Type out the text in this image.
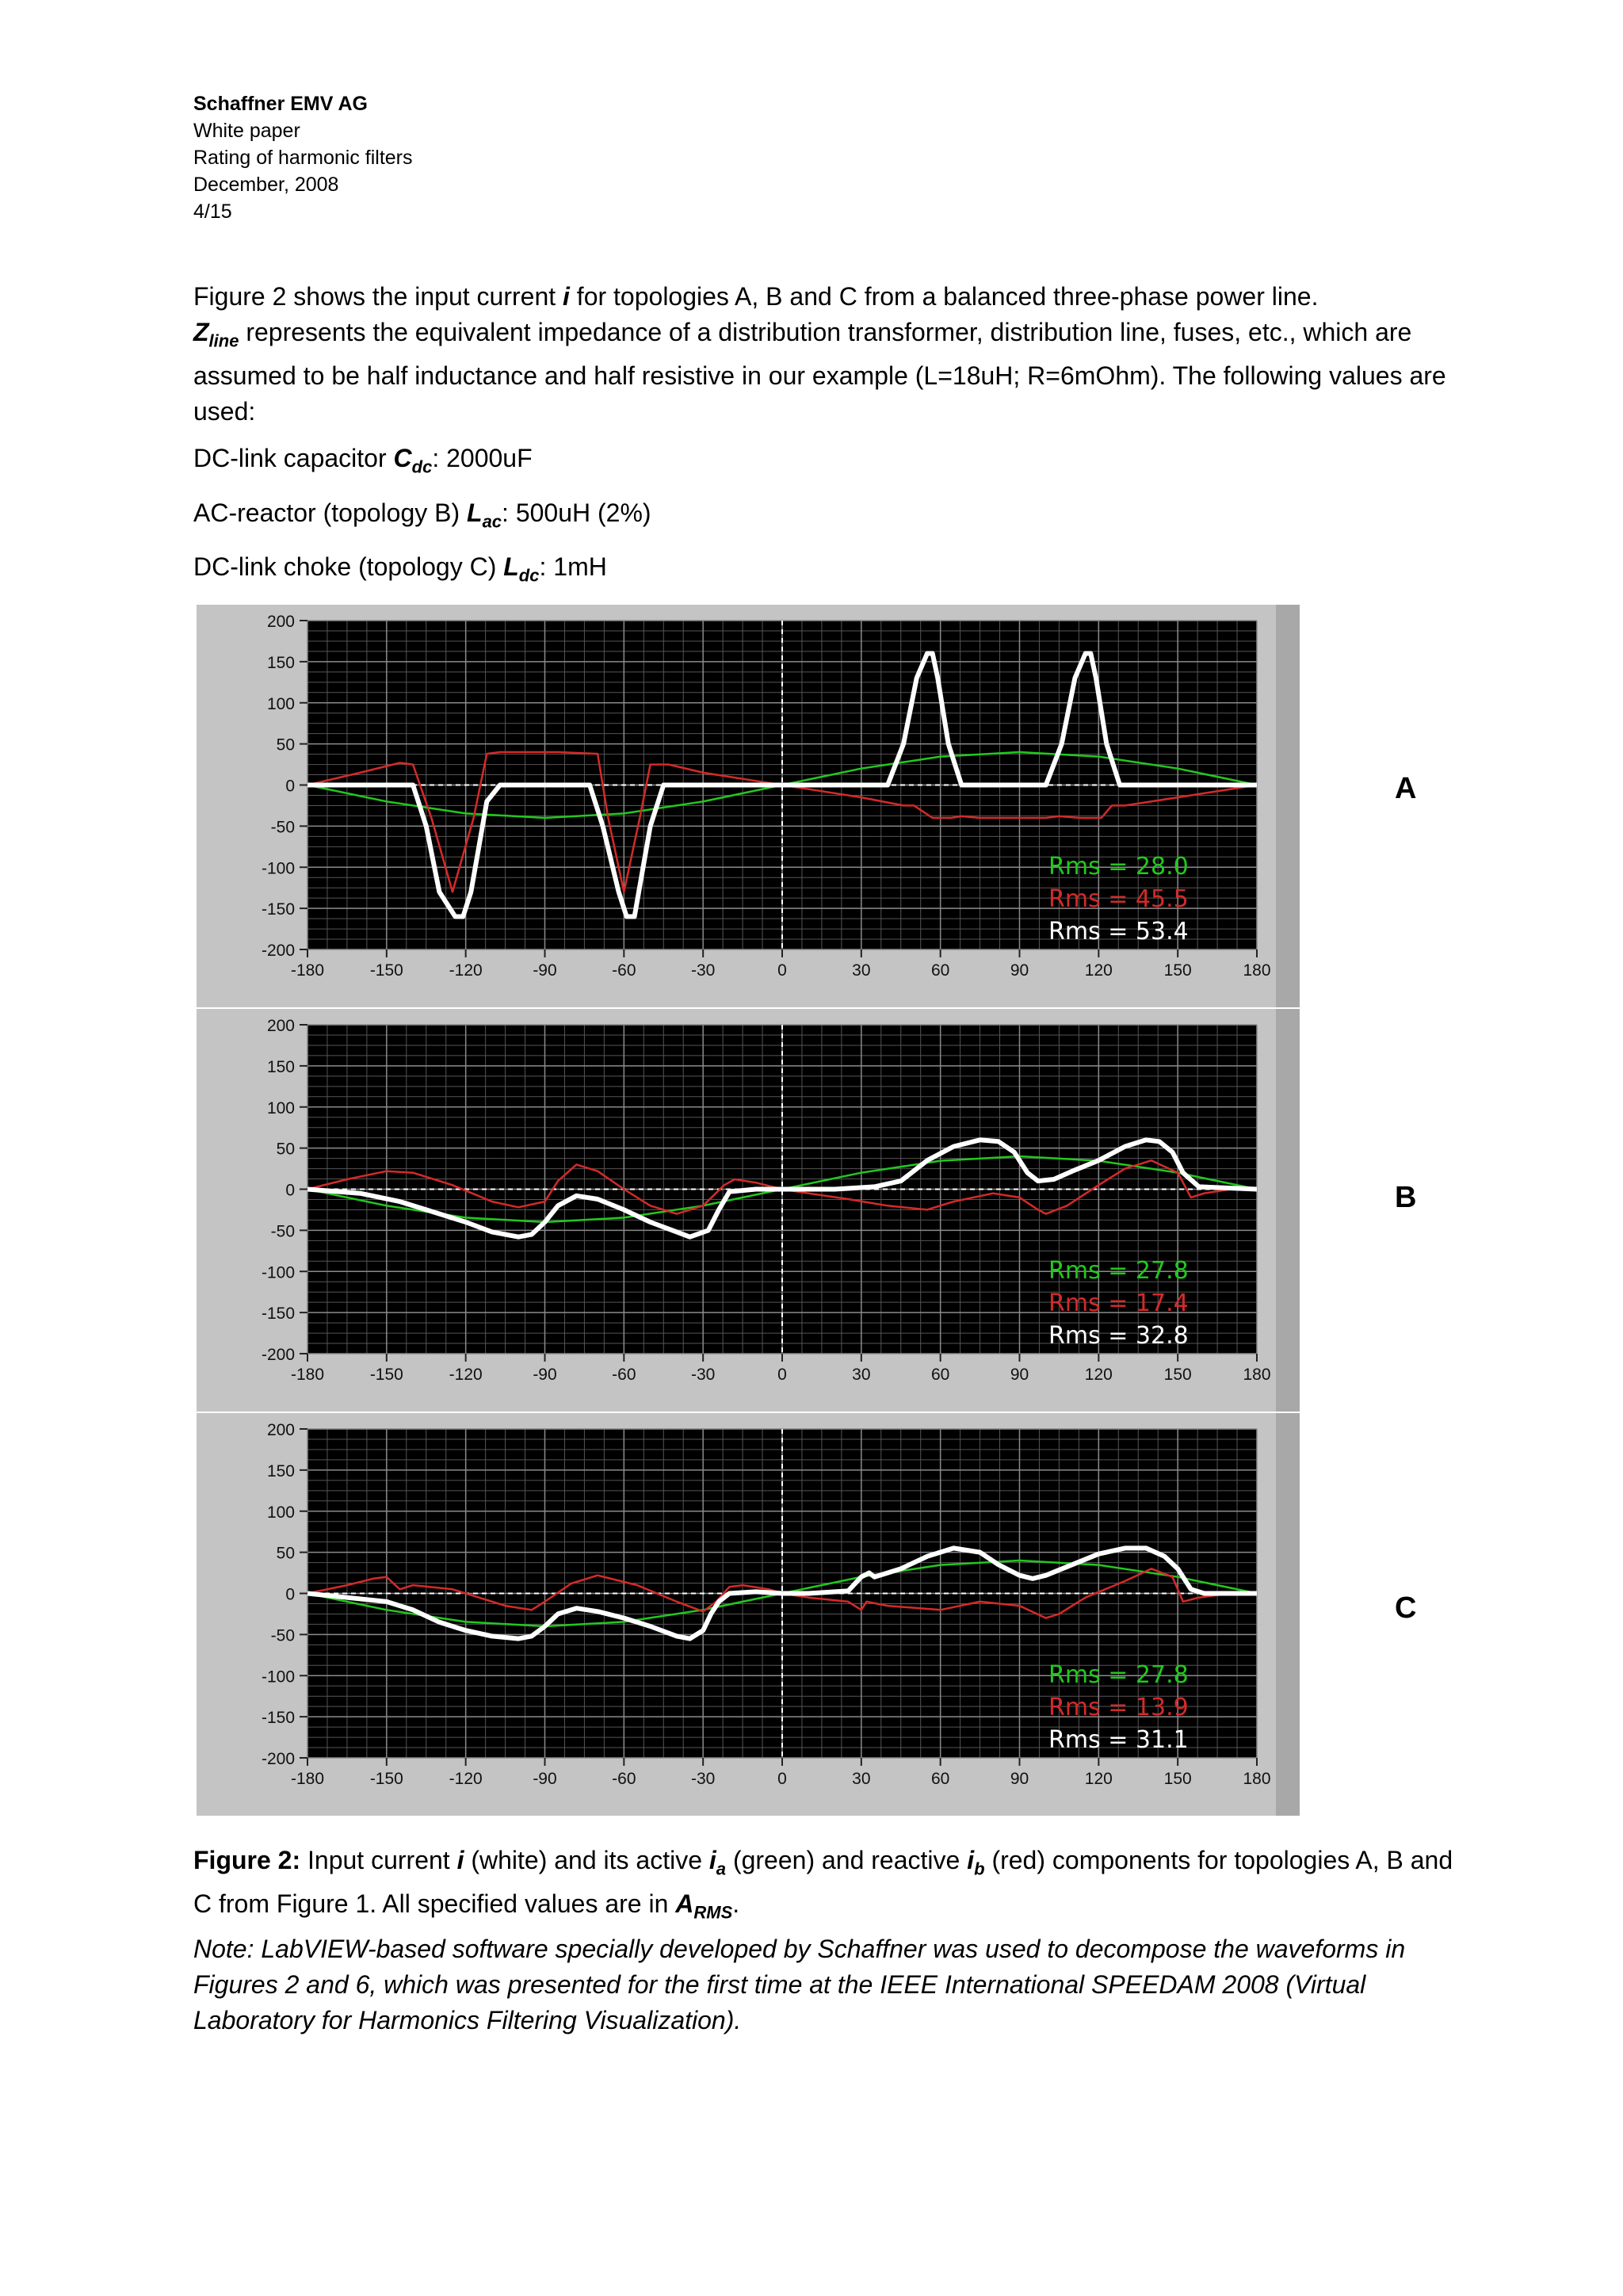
Schaffner EMV AG
White paper
Rating of harmonic filters
December, 2008
4/15
Figure 2 shows the input current i for topologies A, B and C from a balanced three-phase power line.
$Z_{line}$ represents the equivalent impedance of a distribution transformer, distribution line, fuses, etc., which are assumed to be half inductance and half resistive in our example (L=18uH; R=6mOhm). The following values are used:
DC-link capacitor $C_{dc}$: 2000uF
AC-reactor (topology B) $L_{ac}$: 500uH (2%)
DC-link choke (topology C) $L_{dc}$: 1mH
200
150
100
50
0
-50
-100
-150
-200
-180	-150	-120	-90	-60	-30	0	30	60	90	120	150	180
Rms = 28.0
Rms = 45.5
Rms = 53.4
200
150
100
50
0
-50
-100
-150
-200
-180	-150	-120	-90	-60	-30	0	30	60	90	120	150	180
Rms = 27.8
Rms = 17.4
Rms = 32.8
200
150
100
50
0
-50
-100
-150
-200
-180	-150	-120	-90	-60	-30	0	30	60	90	120	150	180
Rms = 27.8
Rms = 13.9
Rms = 31.1
A
B
C
Figure 2: Input current i (white) and its active $i_a$ (green) and reactive $i_b$ (red) components for topologies A, B and C from Figure 1. All specified values are in $A_{RMS}$.
Note: LabVIEW-based software specially developed by Schaffner was used to decompose the waveforms in Figures 2 and 6, which was presented for the first time at the IEEE International SPEEDAM 2008 (Virtual Laboratory for Harmonics Filtering Visualization).
